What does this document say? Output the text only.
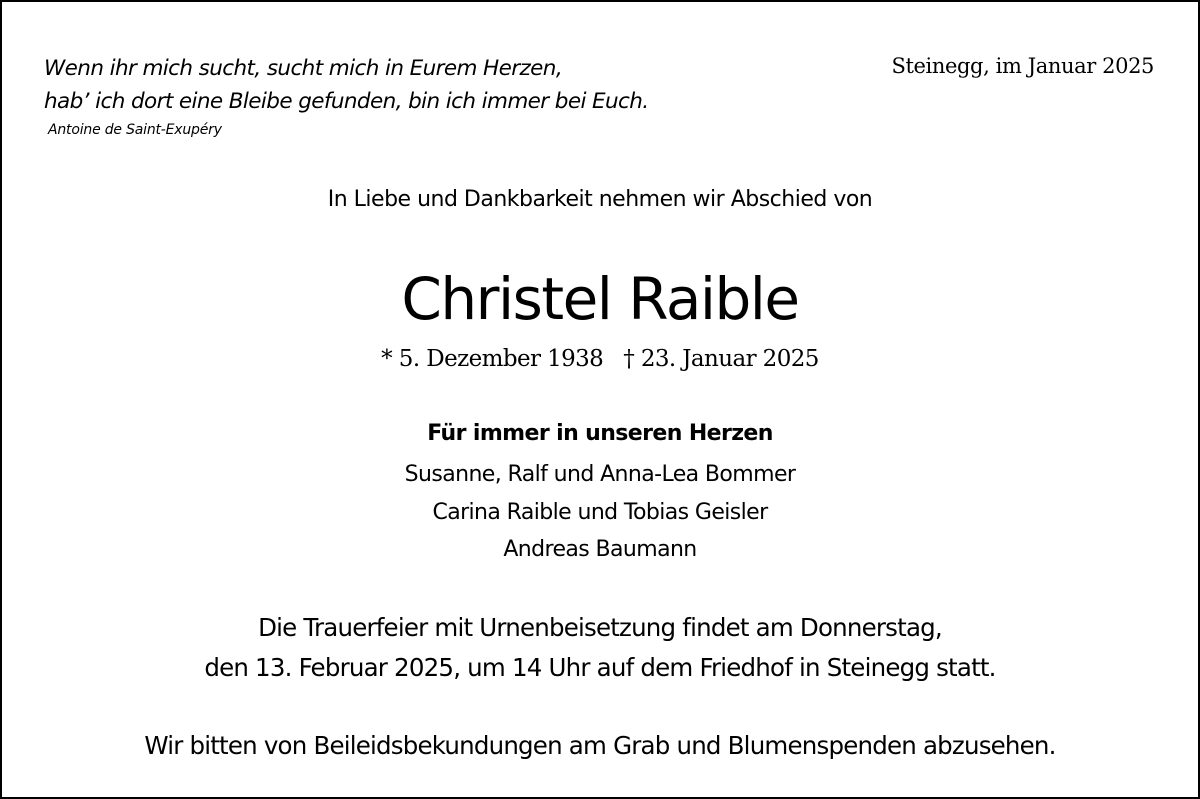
Wenn ihr mich sucht, sucht mich in Eurem Herzen,
hab’ ich dort eine Bleibe gefunden, bin ich immer bei Euch.
Antoine de Saint-Exupéry
Steinegg, im Januar 2025
In Liebe und Dankbarkeit nehmen wir Abschied von
Christel Raible
* 5. Dezember 1938 † 23. Januar 2025
Für immer in unseren Herzen
Susanne, Ralf und Anna-Lea Bommer
Carina Raible und Tobias Geisler
Andreas Baumann
Die Trauerfeier mit Urnenbeisetzung findet am Donnerstag,
den 13. Februar 2025, um 14 Uhr auf dem Friedhof in Steinegg statt.
Wir bitten von Beileidsbekundungen am Grab und Blumenspenden abzusehen.
